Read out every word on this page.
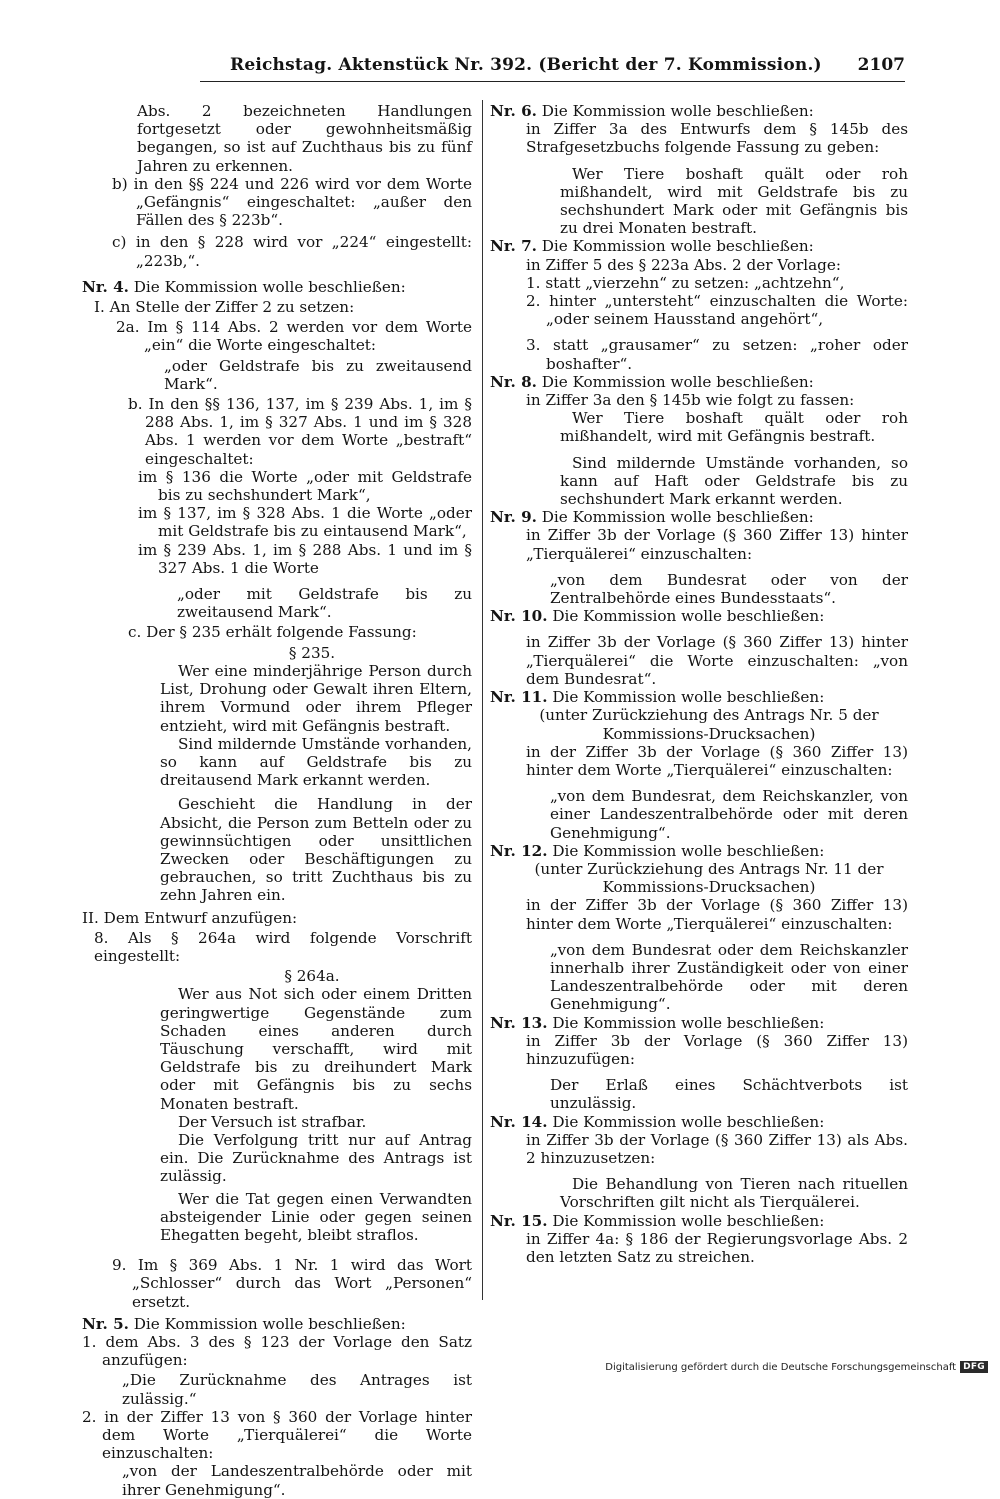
Reichstag. Aktenstück Nr. 392. (Bericht der 7. Kommission.) 2107

Abs. 2 bezeichneten Handlungen fortgesetzt oder gewohnheitsmäßig begangen, so ist auf Zuchthaus bis zu fünf Jahren zu erkennen.

b) in den §§ 224 und 226 wird vor dem Worte „Gefängnis“ eingeschaltet: „außer den Fällen des § 223b“.

c) in den § 228 wird vor „224“ eingestellt: „223b,“.

Nr. 4. Die Kommission wolle beschließen:

I. An Stelle der Ziffer 2 zu setzen:

2a. Im § 114 Abs. 2 werden vor dem Worte „ein“ die Worte eingeschaltet:

„oder Geldstrafe bis zu zweitausend Mark“.

b. In den §§ 136, 137, im § 239 Abs. 1, im § 288 Abs. 1, im § 327 Abs. 1 und im § 328 Abs. 1 werden vor dem Worte „bestraft“ eingeschaltet:

im § 136 die Worte „oder mit Geldstrafe bis zu sechshundert Mark“,

im § 137, im § 328 Abs. 1 die Worte „oder mit Geldstrafe bis zu eintausend Mark“,

im § 239 Abs. 1, im § 288 Abs. 1 und im § 327 Abs. 1 die Worte

„oder mit Geldstrafe bis zu zweitausend Mark“.

c. Der § 235 erhält folgende Fassung:

§ 235.

Wer eine minderjährige Person durch List, Drohung oder Gewalt ihren Eltern, ihrem Vormund oder ihrem Pfleger entzieht, wird mit Gefängnis bestraft.

Sind mildernde Umstände vorhanden, so kann auf Geldstrafe bis zu dreitausend Mark erkannt werden.

Geschieht die Handlung in der Absicht, die Person zum Betteln oder zu gewinnsüchtigen oder unsittlichen Zwecken oder Beschäftigungen zu gebrauchen, so tritt Zuchthaus bis zu zehn Jahren ein.

II. Dem Entwurf anzufügen:

8. Als § 264a wird folgende Vorschrift eingestellt:

§ 264a.

Wer aus Not sich oder einem Dritten geringwertige Gegenstände zum Schaden eines anderen durch Täuschung verschafft, wird mit Geldstrafe bis zu dreihundert Mark oder mit Gefängnis bis zu sechs Monaten bestraft.

Der Versuch ist strafbar.

Die Verfolgung tritt nur auf Antrag ein. Die Zurücknahme des Antrags ist zulässig.

Wer die Tat gegen einen Verwandten absteigender Linie oder gegen seinen Ehegatten begeht, bleibt straflos.

9. Im § 369 Abs. 1 Nr. 1 wird das Wort „Schlosser“ durch das Wort „Personen“ ersetzt.

Nr. 5. Die Kommission wolle beschließen:

1. dem Abs. 3 des § 123 der Vorlage den Satz anzufügen:

„Die Zurücknahme des Antrages ist zulässig.“

2. in der Ziffer 13 von § 360 der Vorlage hinter dem Worte „Tierquälerei“ die Worte einzuschalten:

„von der Landeszentralbehörde oder mit ihrer Genehmigung“.

Nr. 6. Die Kommission wolle beschließen:

in Ziffer 3a des Entwurfs dem § 145b des Strafgesetzbuchs folgende Fassung zu geben:

Wer Tiere boshaft quält oder roh mißhandelt, wird mit Geldstrafe bis zu sechshundert Mark oder mit Gefängnis bis zu drei Monaten bestraft.

Nr. 7. Die Kommission wolle beschließen:

in Ziffer 5 des § 223a Abs. 2 der Vorlage:

1. statt „vierzehn“ zu setzen: „achtzehn“,

2. hinter „untersteht“ einzuschalten die Worte: „oder seinem Hausstand angehört“,

3. statt „grausamer“ zu setzen: „roher oder boshafter“.

Nr. 8. Die Kommission wolle beschließen:

in Ziffer 3a den § 145b wie folgt zu fassen:

Wer Tiere boshaft quält oder roh mißhandelt, wird mit Gefängnis bestraft.

Sind mildernde Umstände vorhanden, so kann auf Haft oder Geldstrafe bis zu sechshundert Mark erkannt werden.

Nr. 9. Die Kommission wolle beschließen:

in Ziffer 3b der Vorlage (§ 360 Ziffer 13) hinter „Tierquälerei“ einzuschalten:

„von dem Bundesrat oder von der Zentralbehörde eines Bundesstaats“.

Nr. 10. Die Kommission wolle beschließen:

in Ziffer 3b der Vorlage (§ 360 Ziffer 13) hinter „Tierquälerei“ die Worte einzuschalten: „von dem Bundesrat“.

Nr. 11. Die Kommission wolle beschließen:

(unter Zurückziehung des Antrags Nr. 5 der Kommissions-Drucksachen)

in der Ziffer 3b der Vorlage (§ 360 Ziffer 13) hinter dem Worte „Tierquälerei“ einzuschalten:

„von dem Bundesrat, dem Reichskanzler, von einer Landeszentralbehörde oder mit deren Genehmigung“.

Nr. 12. Die Kommission wolle beschließen:

(unter Zurückziehung des Antrags Nr. 11 der Kommissions-Drucksachen)

in der Ziffer 3b der Vorlage (§ 360 Ziffer 13) hinter dem Worte „Tierquälerei“ einzuschalten:

„von dem Bundesrat oder dem Reichskanzler innerhalb ihrer Zuständigkeit oder von einer Landeszentralbehörde oder mit deren Genehmigung“.

Nr. 13. Die Kommission wolle beschließen:

in Ziffer 3b der Vorlage (§ 360 Ziffer 13) hinzuzufügen:

Der Erlaß eines Schächtverbots ist unzulässig.

Nr. 14. Die Kommission wolle beschließen:

in Ziffer 3b der Vorlage (§ 360 Ziffer 13) als Abs. 2 hinzuzusetzen:

Die Behandlung von Tieren nach rituellen Vorschriften gilt nicht als Tierquälerei.

Nr. 15. Die Kommission wolle beschließen:

in Ziffer 4a: § 186 der Regierungsvorlage Abs. 2 den letzten Satz zu streichen.

Digitalisierung gefördert durch die Deutsche Forschungsgemeinschaft DFG
